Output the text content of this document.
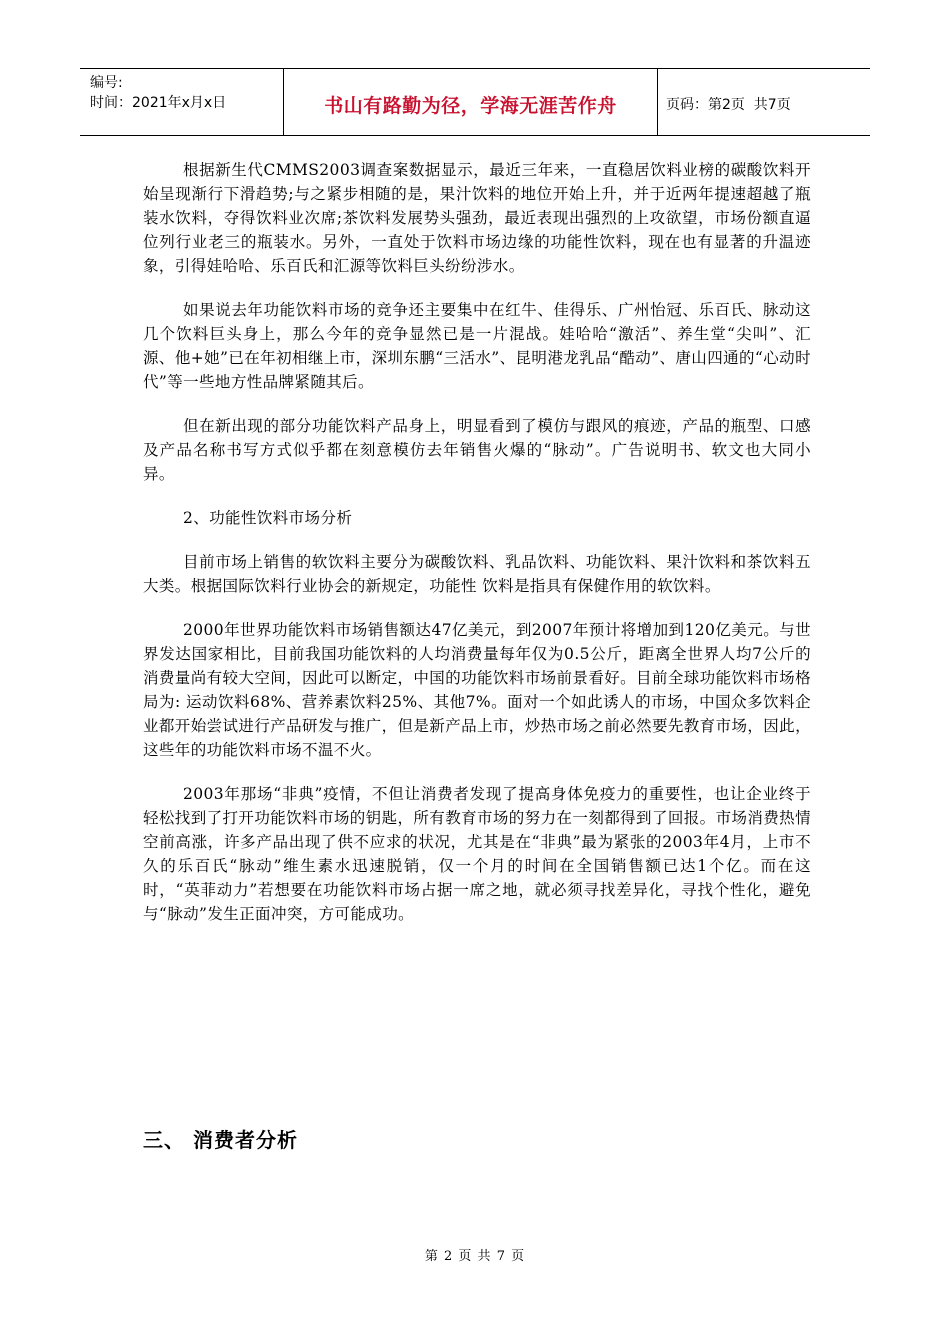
编号:
时间：2021年x月x日	书山有路勤为径，学海无涯苦作舟	页码：第2页  共7页

根据新生代CMMS2003调查案数据显示，最近三年来，一直稳居饮料业榜的碳酸饮料开始呈现渐行下滑趋势;与之紧步相随的是，果汁饮料的地位开始上升，并于近两年提速超越了瓶装水饮料，夺得饮料业次席;茶饮料发展势头强劲，最近表现出强烈的上攻欲望，市场份额直逼位列行业老三的瓶装水。另外，一直处于饮料市场边缘的功能性饮料，现在也有显著的升温迹象，引得娃哈哈、乐百氏和汇源等饮料巨头纷纷涉水。

如果说去年功能饮料市场的竞争还主要集中在红牛、佳得乐、广州怡冠、乐百氏、脉动这几个饮料巨头身上，那么今年的竞争显然已是一片混战。娃哈哈“激活”、养生堂“尖叫”、汇源、他+她”已在年初相继上市，深圳东鹏“三活水”、昆明港龙乳品“酷动”、唐山四通的“心动时代”等一些地方性品牌紧随其后。

但在新出现的部分功能饮料产品身上，明显看到了模仿与跟风的痕迹，产品的瓶型、口感及产品名称书写方式似乎都在刻意模仿去年销售火爆的“脉动”。广告说明书、软文也大同小异。

2、功能性饮料市场分析

目前市场上销售的软饮料主要分为碳酸饮料、乳品饮料、功能饮料、果汁饮料和茶饮料五大类。根据国际饮料行业协会的新规定，功能性 饮料是指具有保健作用的软饮料。

2000年世界功能饮料市场销售额达47亿美元，到2007年预计将增加到120亿美元。与世界发达国家相比，目前我国功能饮料的人均消费量每年仅为0.5公斤，距离全世界人均7公斤的消费量尚有较大空间，因此可以断定，中国的功能饮料市场前景看好。目前全球功能饮料市场格局为: 运动饮料68%、营养素饮料25%、其他7%。面对一个如此诱人的市场，中国众多饮料企业都开始尝试进行产品研发与推广，但是新产品上市，炒热市场之前必然要先教育市场，因此，这些年的功能饮料市场不温不火。

2003年那场“非典”疫情，不但让消费者发现了提高身体免疫力的重要性，也让企业终于轻松找到了打开功能饮料市场的钥匙，所有教育市场的努力在一刻都得到了回报。市场消费热情空前高涨，许多产品出现了供不应求的状况，尤其是在“非典”最为紧张的2003年4月，上市不久的乐百氏“脉动”维生素水迅速脱销，仅一个月的时间在全国销售额已达1个亿。而在这时，“英菲动力”若想要在功能饮料市场占据一席之地，就必须寻找差异化，寻找个性化，避免与“脉动”发生正面冲突，方可能成功。

三、 消费者分析
第 2 页 共 7 页
